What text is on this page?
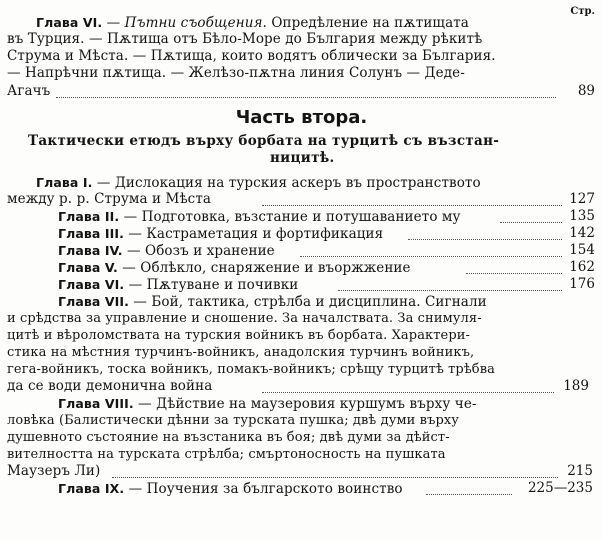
Стр.
Глава VI. — Пътни съобщения. Опредѣление на пѫтищата
въ Турция. — Пѫтища отъ Бѣло-Море до България между рѣкитѣ
Струма и Мѣста. — Пѫтища, които водятъ облически за България.
— Напрѣчни пѫтища. — Желѣзо-пѫтна линия Солунъ — Деде-
Агачъ	89
Часть втора.
Тактически етюдъ върху борбата на турцитѣ съ възстан-
ницитѣ.
Глава I. — Дислокация на турския аскеръ въ пространството
между р. р. Струма и Мѣста	127
Глава II. — Подготовка, възстание и потушаванието му	135
Глава III. — Кастраметация и фортификация	142
Глава IV. — Обозъ и хранение	154
Глава V. — Облѣкло, снаряжение и въоржжение	162
Глава VI. — Пѫтуване и почивки	176
Глава VII. — Бой, тактика, стрѣлба и дисциплина. Сигнали
и срѣдства за управление и сношение. За началствата. За снимуля-
цитѣ и вѣроломствата на турския войникъ въ борбата. Характери-
стика на мѣстния турчинъ-войникъ, анадолския турчинъ войникъ,
гега-войникъ, тоска войникъ, помакъ-войникъ; срѣщу турцитѣ трѣбва
да се води демонична война	189
Глава VIII. — Дѣйствие на маузеровия куршумъ върху че-
ловѣка (Балистически дѣнни за турската пушка; двѣ думи върху
душевното състояние на възстаника въ боя; двѣ думи за дѣйст-
вителността на турската стрѣлба; смъртоносность на пушката
Маузеръ Ли)	215
Глава IX. — Поучения за българското воинство	225—235
